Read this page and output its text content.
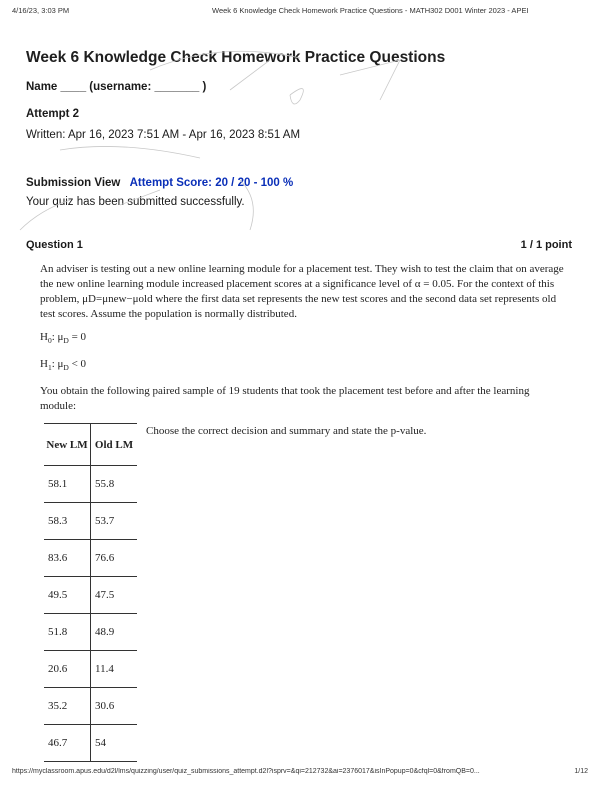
4/16/23, 3:03 PM	Week 6 Knowledge Check Homework Practice Questions - MATH302 D001 Winter 2023 - APEI
Week 6 Knowledge Check Homework Practice Questions
Name ____ (username: _______ )
Attempt 2
Written: Apr 16, 2023 7:51 AM - Apr 16, 2023 8:51 AM
Submission View Attempt Score: 20 / 20 - 100 %
Your quiz has been submitted successfully.
Question 1	1 / 1 point

An adviser is testing out a new online learning module for a placement test. They wish to test the claim that on average the new online learning module increased placement scores at a significance level of α = 0.05. For the context of this problem, μD=μnew−μold where the first data set represents the new test scores and the second data set represents old test scores. Assume the population is normally distributed.

$H_0$: $\mu_D = 0$
$H_1$: $\mu_D < 0$

You obtain the following paired sample of 19 students that took the placement test before and after the learning module:

Choose the correct decision and summary and state the p-value.
New LM	Old LM
58.1	55.8
58.3	53.7
83.6	76.6
49.5	47.5
51.8	48.9
20.6	11.4
35.2	30.6
46.7	54
https://myclassroom.apus.edu/d2l/lms/quizzing/user/quiz_submissions_attempt.d2l?isprv=&qi=212732&ai=2376017&isInPopup=0&cfql=0&fromQB=0...	1/12
